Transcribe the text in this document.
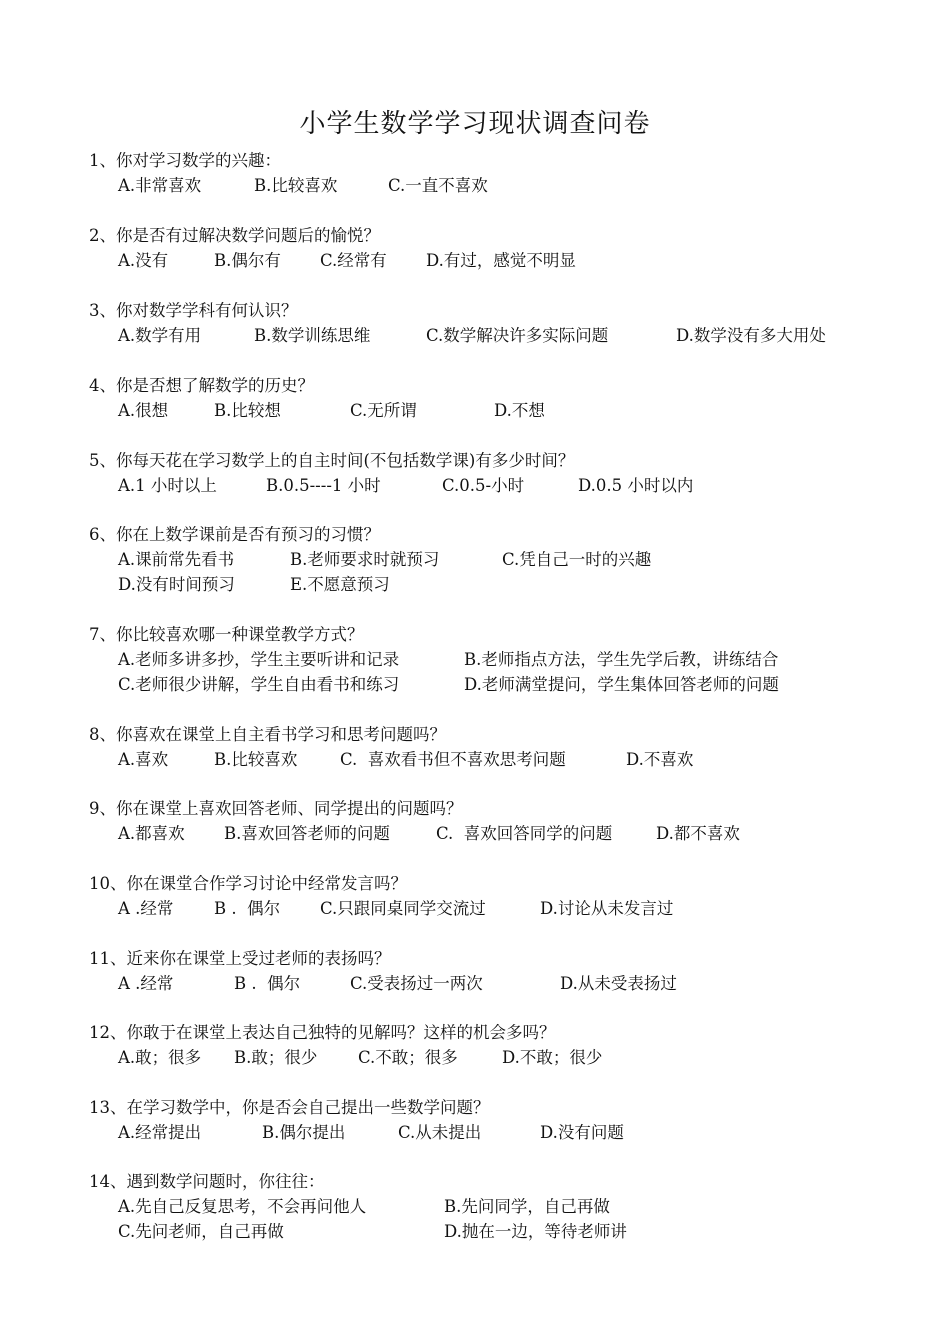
小学生数学学习现状调查问卷
1、你对学习数学的兴趣：
A.非常喜欢	B.比较喜欢	C.一直不喜欢
2、你是否有过解决数学问题后的愉悦？
A.没有	B.偶尔有 C.经常有 D.有过，感觉不明显
3、你对数学学科有何认识？
A.数学有用	B.数学训练思维	C.数学解决许多实际问题	D.数学没有多大用处
4、你是否想了解数学的历史？
A.很想	B.比较想	C.无所谓	D.不想
5、你每天花在学习数学上的自主时间(不包括数学课)有多少时间？
A.1 小时以上	B.0.5----1 小时	C.0.5-小时	D.0.5 小时以内
6、你在上数学课前是否有预习的习惯？
A.课前常先看书	B.老师要求时就预习	C.凭自己一时的兴趣
D.没有时间预习	E.不愿意预习
7、你比较喜欢哪一种课堂教学方式？
A.老师多讲多抄，学生主要听讲和记录	B.老师指点方法，学生先学后教，讲练结合
C.老师很少讲解，学生自由看书和练习	D.老师满堂提问，学生集体回答老师的问题
8、你喜欢在课堂上自主看书学习和思考问题吗？
A.喜欢	B.比较喜欢	C.  喜欢看书但不喜欢思考问题	D.不喜欢
9、你在课堂上喜欢回答老师、同学提出的问题吗？
A.都喜欢 B.喜欢回答老师的问题	C.  喜欢回答同学的问题	D.都不喜欢
10、你在课堂合作学习讨论中经常发言吗？
A .经常 B .  偶尔 C.只跟同桌同学交流过	D.讨论从未发言过
11、近来你在课堂上受过老师的表扬吗？
A .经常	B .  偶尔	C.受表扬过一两次	D.从未受表扬过
12、你敢于在课堂上表达自己独特的见解吗？这样的机会多吗？
A.敢；很多 B.敢；很少 C.不敢；很多	D.不敢；很少
13、在学习数学中，你是否会自己提出一些数学问题？
A.经常提出	B.偶尔提出	C.从未提出	D.没有问题
14、遇到数学问题时，你往往：
A.先自己反复思考，不会再问他人	B.先问同学，自己再做
C.先问老师，自己再做	D.抛在一边，等待老师讲
